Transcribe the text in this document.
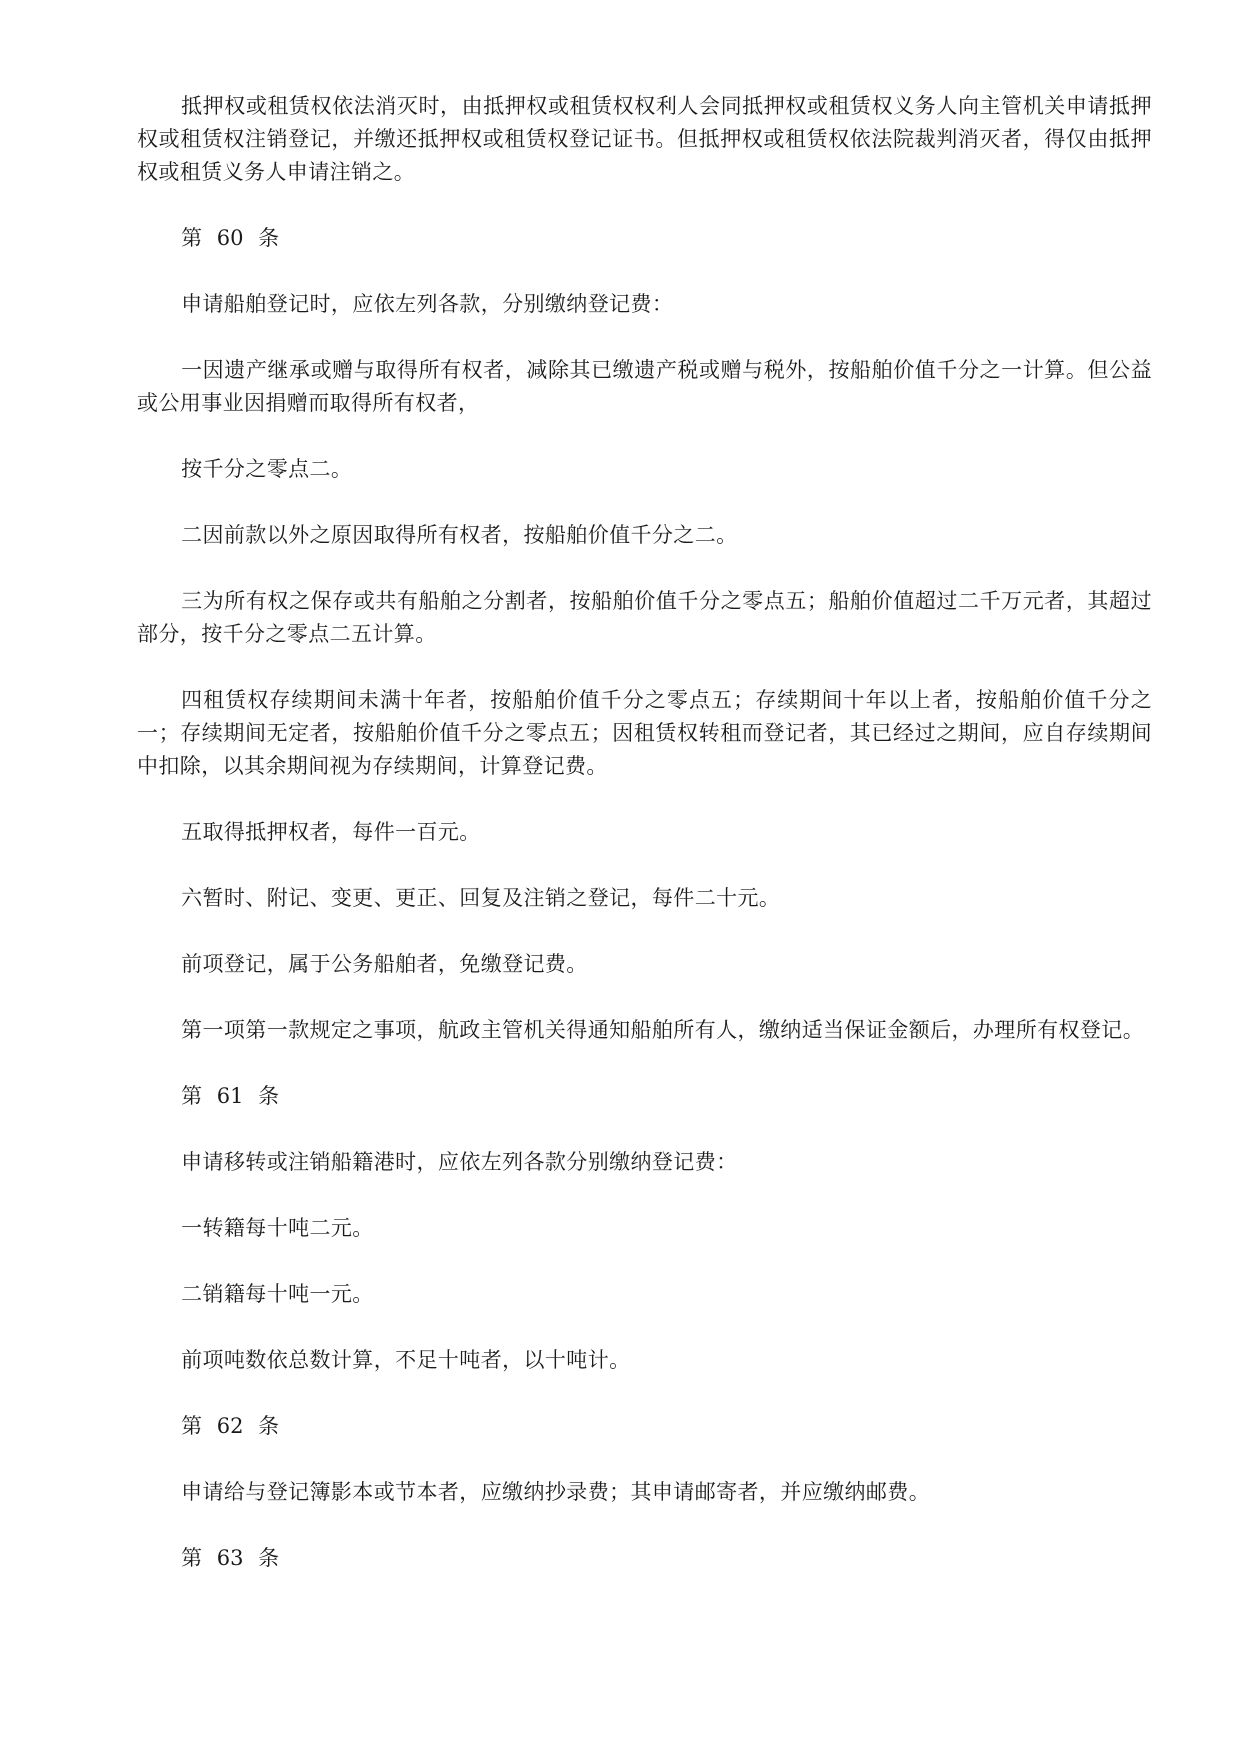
抵押权或租赁权依法消灭时，由抵押权或租赁权权利人会同抵押权或租赁权义务人向主管机关申请抵押权或租赁权注销登记，并缴还抵押权或租赁权登记证书。但抵押权或租赁权依法院裁判消灭者，得仅由抵押权或租赁义务人申请注销之。

第 60 条

申请船舶登记时，应依左列各款，分别缴纳登记费：

一因遗产继承或赠与取得所有权者，减除其已缴遗产税或赠与税外，按船舶价值千分之一计算。但公益或公用事业因捐赠而取得所有权者，

按千分之零点二。

二因前款以外之原因取得所有权者，按船舶价值千分之二。

三为所有权之保存或共有船舶之分割者，按船舶价值千分之零点五；船舶价值超过二千万元者，其超过部分，按千分之零点二五计算。

四租赁权存续期间未满十年者，按船舶价值千分之零点五；存续期间十年以上者，按船舶价值千分之一；存续期间无定者，按船舶价值千分之零点五；因租赁权转租而登记者，其已经过之期间，应自存续期间中扣除，以其余期间视为存续期间，计算登记费。

五取得抵押权者，每件一百元。

六暂时、附记、变更、更正、回复及注销之登记，每件二十元。

前项登记，属于公务船舶者，免缴登记费。

第一项第一款规定之事项，航政主管机关得通知船舶所有人，缴纳适当保证金额后，办理所有权登记。

第 61 条

申请移转或注销船籍港时，应依左列各款分别缴纳登记费：

一转籍每十吨二元。

二销籍每十吨一元。

前项吨数依总数计算，不足十吨者，以十吨计。

第 62 条

申请给与登记簿影本或节本者，应缴纳抄录费；其申请邮寄者，并应缴纳邮费。

第 63 条
